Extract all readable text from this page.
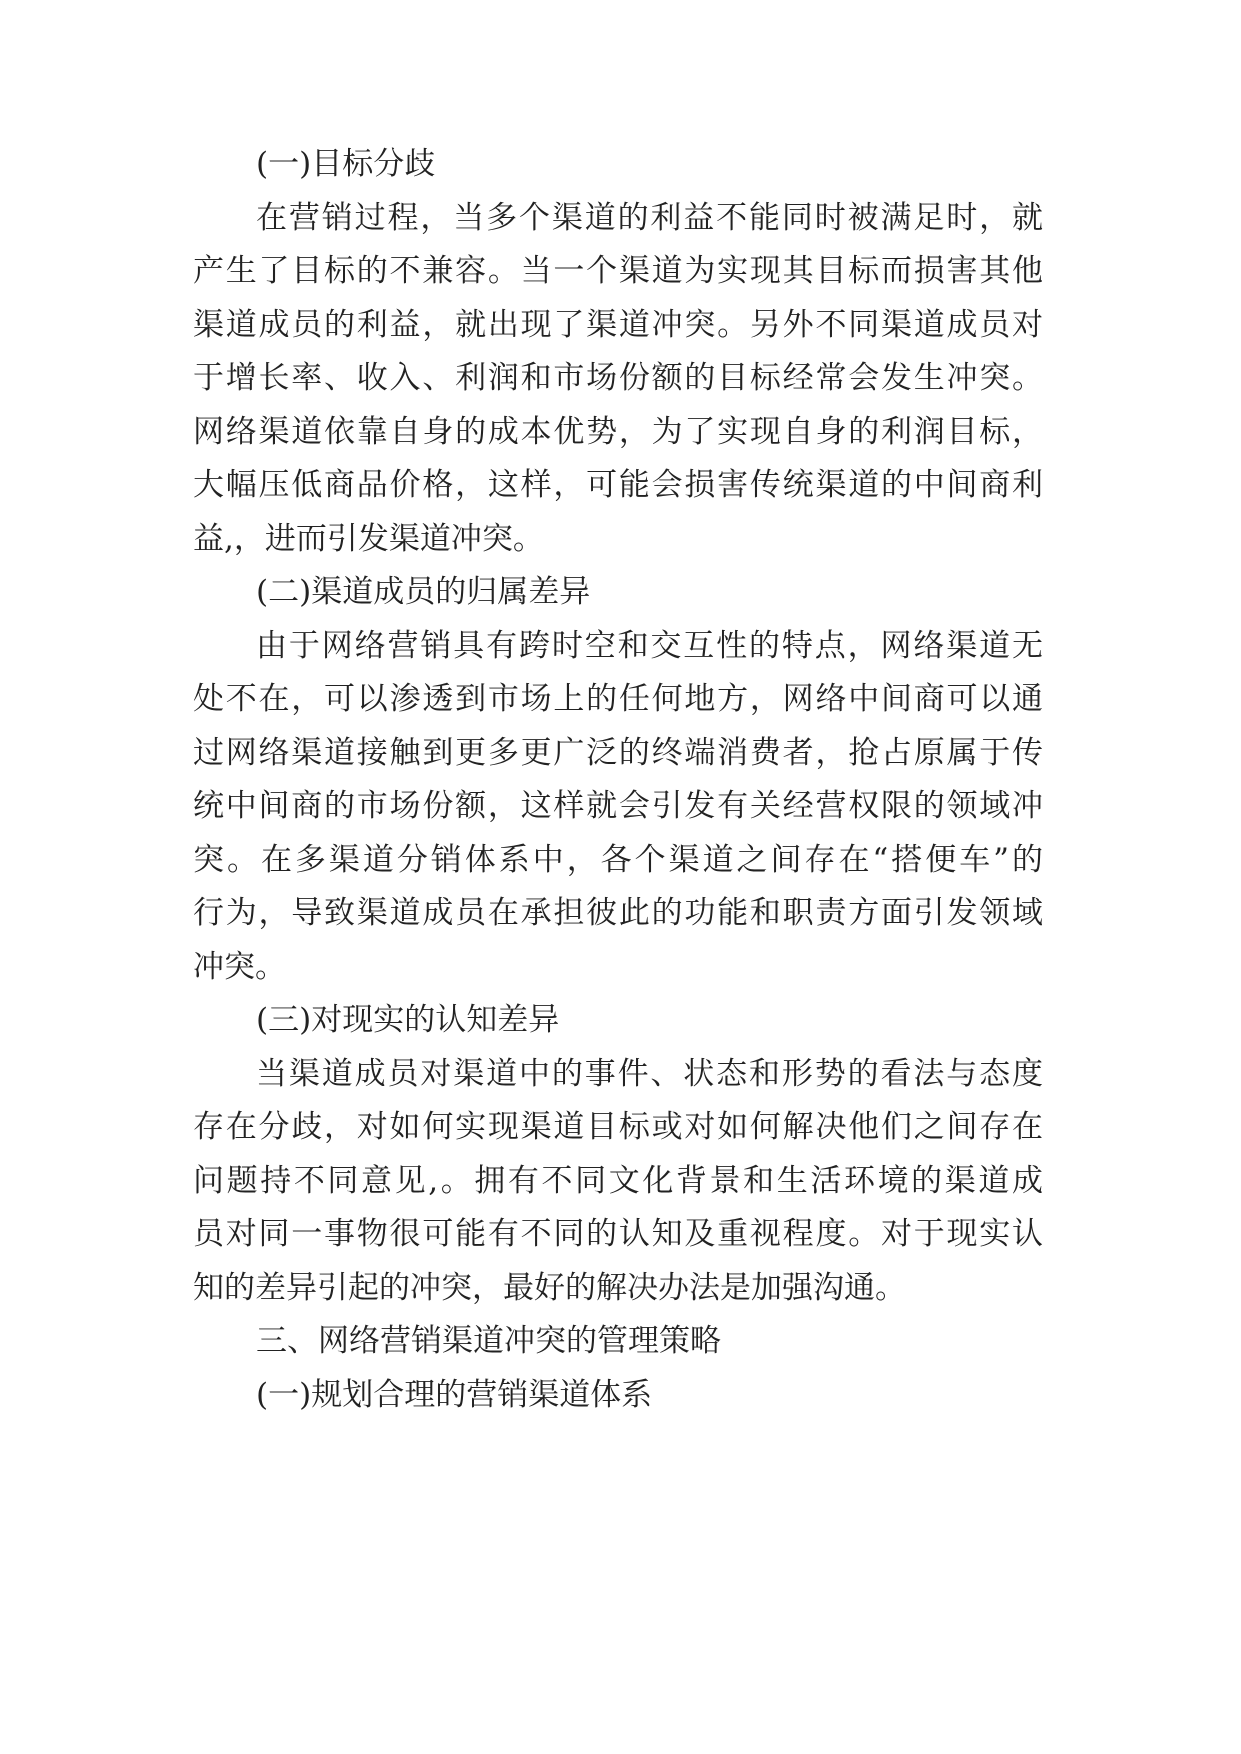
(一)目标分歧
在营销过程，当多个渠道的利益不能同时被满足时，就
产生了目标的不兼容。当一个渠道为实现其目标而损害其他
渠道成员的利益，就出现了渠道冲突。另外不同渠道成员对
于增长率、收入、利润和市场份额的目标经常会发生冲突。
网络渠道依靠自身的成本优势，为了实现自身的利润目标，
大幅压低商品价格，这样，可能会损害传统渠道的中间商利
益,，进而引发渠道冲突。
(二)渠道成员的归属差异
由于网络营销具有跨时空和交互性的特点，网络渠道无
处不在，可以渗透到市场上的任何地方，网络中间商可以通
过网络渠道接触到更多更广泛的终端消费者，抢占原属于传
统中间商的市场份额，这样就会引发有关经营权限的领域冲
突。在多渠道分销体系中，各个渠道之间存在“搭便车”的
行为，导致渠道成员在承担彼此的功能和职责方面引发领域
冲突。
(三)对现实的认知差异
当渠道成员对渠道中的事件、状态和形势的看法与态度
存在分歧，对如何实现渠道目标或对如何解决他们之间存在
问题持不同意见,。拥有不同文化背景和生活环境的渠道成
员对同一事物很可能有不同的认知及重视程度。对于现实认
知的差异引起的冲突，最好的解决办法是加强沟通。
三、网络营销渠道冲突的管理策略
(一)规划合理的营销渠道体系
